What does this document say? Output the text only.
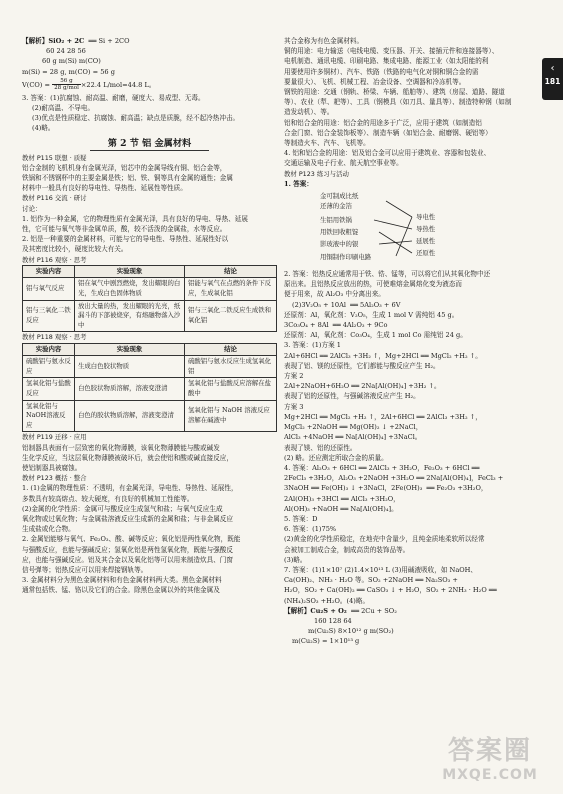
‹
181

【解析】SiO₂ + 2C
══ Si + 2CO

60 24 28 56

60 g m(Si) m(CO)

m(Si) = 28 g, m(CO) = 56 g

$V(CO) = \frac{56 g}{\text{28 g/mol}} \times 22.4$ L/mol=44.8 L。

3. 答案：(1)抗腐蚀、耐高温、耐磨，硬度大、易成型、无毒。

(2)耐高温、不导电。

(3)优点是性质稳定、抗腐蚀、耐高温；缺点是质脆，经不起冷热冲击。

(4)略。

第 2 节 铝 金属材料

教材 P115 联想 · 质疑

铝合金制的飞机机身有金属光泽，铝芯中的金属导线有铜、铝合金等，

铁锅和不锈钢杯中的主要金属是铁；铝、铁、铜等具有金属的通性；金属

材料中一般具有良好的导电性、导热性、延展性等性质。

教材 P116 交流 · 研讨

讨论：

1. 铝作为一种金属，它的物理性质有金属光泽，具有良好的导电、导热、延展

性，它可能与氧气等非金属单质，酸，较不活泼的金属盐，水等反应。

2. 铝是一种重要的金属材料，可能与它的导电性、导热性、延展性好以

及其密度比较小，硬度比较大有关。

教材 P116 观察 · 思考

实验内容	实验现象	结论
铝与氧气反应	铝在氧气中剧烈燃烧，发出耀眼的白光，生成白色固体物质	铝能与氧气在点燃的条件下反应，生成氧化铝
铝与三氧化二铁反应	放出大量的热，发出耀眼的光亮，纸漏斗的下部被烧穿，有熔融物落入沙中	铝与三氧化二铁反应生成铁和氧化铝

教材 P118 观察 · 思考

实验内容	实验现象	结论
硫酸铝与氨水反应	生成白色胶状物质	硫酸铝与氨水反应生成氢氧化铝
氢氧化铝与盐酸反应	白色胶状物质溶解，溶液变澄清	氢氧化铝与盐酸反应溶解在盐酸中
氢氧化铝与NaOH溶液反应	白色的胶状物质溶解，溶液变澄清	氢氧化铝与 NaOH 溶液反应溶解在碱液中

教材 P119 迁移 · 应用

铝制器具表面有一层致密的氧化物薄膜，该氧化物薄膜能与酸或碱发

生化学反应，当这层氧化物薄膜被破坏后，就会使铝和酸或碱直接反应，

使铝制器具被腐蚀。

教材 P123 概括 · 整合

1. (1)金属的物理性质：不透明，有金属光泽，导电性、导热性、延展性，

多数具有较高熔点、较大硬度，有良好的机械加工性能等。

(2)金属的化学性质：金属可与酸反应生成氢气和盐；与氧气反应生成

氧化物或过氧化物；与金属盐溶液反应生成新的金属和盐；与非金属反应

生成盐或化合物。

2. 金属铝能够与氧气、Fe₂O₃、酸、碱等反应；氧化铝是两性氧化物，既能

与强酸反应，也能与强碱反应；氢氧化铝是两性氢氧化物，既能与强酸反

应，也能与强碱反应。铝及其合金以及氧化铝等可以用来制造炊具、门窗

信号弹等；铝热反应可以用来焊接钢轨等。

3. 金属材料分为黑色金属材料和有色金属材料两大类。黑色金属材料

通常包括铁、锰、铬以及它们的合金。除黑色金属以外的其他金属及

其合金称为有色金属材料。

铜的用途：电力输送（电线电缆、变压器、开关、接插元件和连接器等）、

电机制造、通讯电缆、印刷电路、集成电路、能源工业（如太阳能的利

用要使用许多铜材）、汽车、铁路（铁路的电气化对铜和铜合金的需

要量很大）、飞机、机械工程、冶金设备、空调器和冷冻机等。

钢铁的用途：交通（钢轨、桥梁、车辆、船舶等）、建筑（房屋、道路、隧道

等）、农业（犁、耙等）、工具（钢模具（如刀具、量具等）、制造特种钢（如制

造发动机）、等。

铝和铝合金的用途：铝合金的用途多于广泛，应用于建筑（如制造铝

合金门窗、铝合金装饰板等）、制造车辆（如铝合金、耐磨钢、硬铝等）

等制造火车、汽车、飞机等。

4. 铝和铝合金的用途：铝及铝合金可以应用于建筑业、容器和包装业、

交通运输及电子行业、航天航空事业等。

教材 P123 练习与活动

1. 答案：

金可制成比纸
还薄的金箔
生铝用铁锅
用铁回收粗锭
影玻液中的银
用铜制作印刷电路
导电性
导热性
延展性
还原性

2. 答案：铝热反应通常用于铁、锆、锰等，可以将它们从其氧化物中还

原出来。且铝热反应放出的热，可使难熔金属熔化变为液态而

便于用来，故 Al₂O₃ 中分离出来。

(2)3V₂O₅ + 10Al
══ 5Al₂O₃ + 6V

还原剂：Al，氧化剂：V₂O₅，生成 1 mol V 需纯铝 45 g。

3Co₃O₄ + 8Al
══ 4Al₂O₃ + 9Co

还原剂：Al，氧化剂：Co₃O₄，生成 1 mol Co 需纯铝 24 g。

3. 答案：(1)方案 1

2Al+6HCl ══ 2AlCl₃ +3H₂ ↑，Mg+2HCl ══ MgCl₂ +H₂ ↑。

表现了铝、镁的还原性，它们都能与酸反应产生 H₂。

方案 2

2Al+2NaOH+6H₂O ══ 2Na[Al(OH)₄] +3H₂ ↑。

表现了铝的还原性，与强碱溶液反应产生 H₂。

方案 3

Mg+2HCl ══ MgCl₂ +H₂ ↑，2Al+6HCl ══ 2AlCl₃ +3H₂ ↑，

MgCl₂ +2NaOH ══ Mg(OH)₂ ↓ +2NaCl，

AlCl₃ +4NaOH ══ Na[Al(OH)₄] +3NaCl。

表现了镁、铝的还原性。

(2) 略。还应测定所取合金的质量。

4. 答案：Al₂O₃ + 6HCl ══ 2AlCl₃ + 3H₂O，Fe₂O₃ + 6HCl ══

2FeCl₃ +3H₂O，Al₂O₃ +2NaOH +3H₂O ══ 2Na[Al(OH)₄]，FeCl₃ +

3NaOH ══ Fe(OH)₃ ↓ +3NaCl，2Fe(OH)₃
══ Fe₂O₃ +3H₂O，

2Al(OH)₃ +3HCl ══ AlCl₃ +3H₂O，

Al(OH)₃ +NaOH ══ Na[Al(OH)₄]。

5. 答案：D

6. 答案：(1)75%

(2)黄金的化学性质稳定，在地壳中含量少，且纯金质地柔软所以经常

会被加工制成合金，制成高贵的装饰品等。

(3)略。

7. 答案：(1)1×10⁷ (2)1.4×10¹³ L (3)用碱液吸收，如 NaOH、

Ca(OH)₂、NH₃ · H₂O 等。SO₂ +2NaOH ══ Na₂SO₃ +

H₂O，SO₂ + Ca(OH)₂ ══ CaSO₃ ↓ + H₂O，SO₂ + 2NH₃ · H₂O ══

(NH₄)₂SO₃ +H₂O。(4)略。

【解析】Cu₂S + O₂
══ 2Cu + SO₂

160 128 64

m(Cu₂S) 8×10¹² g m(SO₂)

m(Cu₂S) = 1×10¹³ g

答案圈
MXQE.COM
